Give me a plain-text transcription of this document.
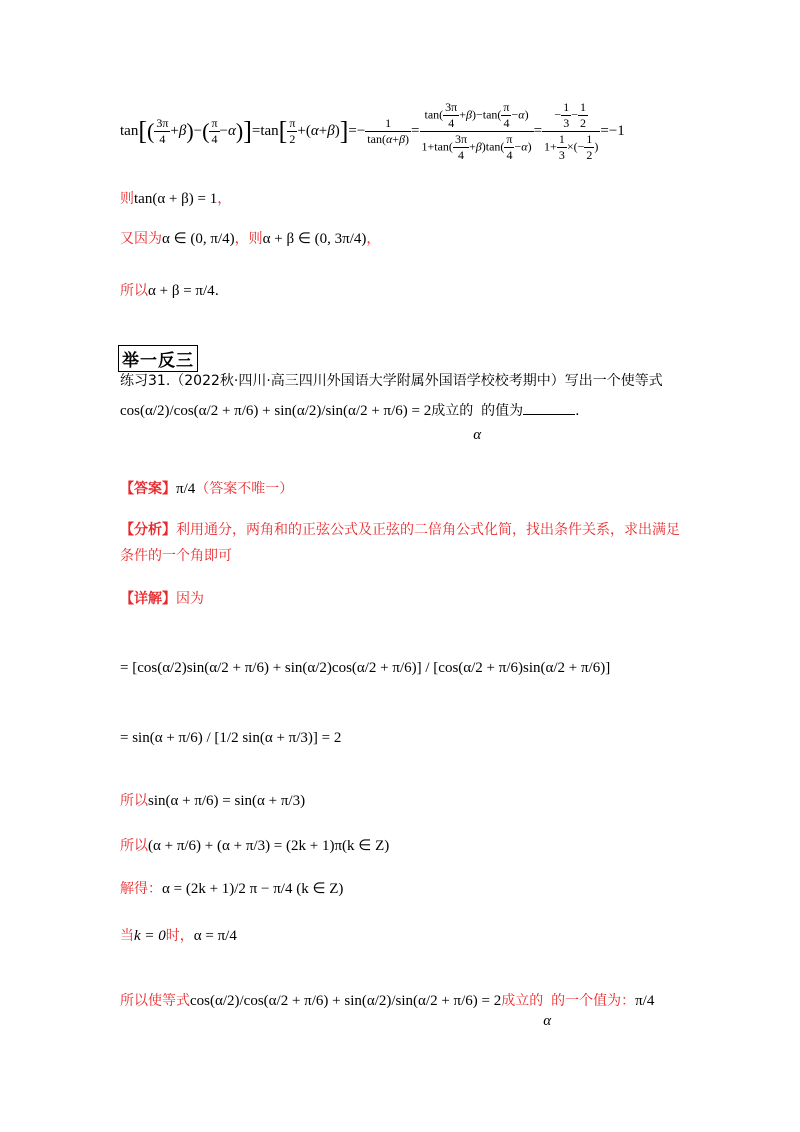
$\tan[( \frac{3\pi}{4} +\beta)-( \frac{\pi}{4} -\alpha)]=\tan[ \frac{\pi}{2} +(\alpha+\beta)]=- \frac{1}{\tan(\alpha+\beta)} = \frac{\tan( \frac{3\pi}{4} +\beta)-\tan( \frac{\pi}{4} -\alpha)}{1+\tan( \frac{3\pi}{4} +\beta)\tan( \frac{\pi}{4} -\alpha)} = \frac{- \frac{1}{3} - \frac{1}{2}}{1+ \frac{1}{3} \times(- \frac{1}{2} )} =-1$
则tan(α + β) = 1，
又因为α ∈ (0, π/4)，则α + β ∈ (0, 3π/4)，
所以α + β = π/4.
举一反三
练习31.（2022秋·四川·高三四川外国语大学附属外国语学校校考期中）写出一个使等式
cos(α/2)/cos(α/2 + π/6) + sin(α/2)/sin(α/2 + π/6) = 2成立的α的值为	.
【答案】π/4（答案不唯一）
【分析】利用通分，两角和的正弦公式及正弦的二倍角公式化简，找出条件关系，求出满足条件的一个角即可
【详解】因为
= [cos(α/2)sin(α/2 + π/6) + sin(α/2)cos(α/2 + π/6)] / [cos(α/2 + π/6)sin(α/2 + π/6)]
= sin(α + π/6) / [1/2 sin(α + π/3)] = 2
所以sin(α + π/6) = sin(α + π/3)
所以(α + π/6) + (α + π/3) = (2k + 1)π(k ∈ Z)
解得：α = (2k + 1)/2 π − π/4 (k ∈ Z)
当k = 0时，α = π/4
所以使等式cos(α/2)/cos(α/2 + π/6) + sin(α/2)/sin(α/2 + π/6) = 2成立的α的一个值为：π/4
